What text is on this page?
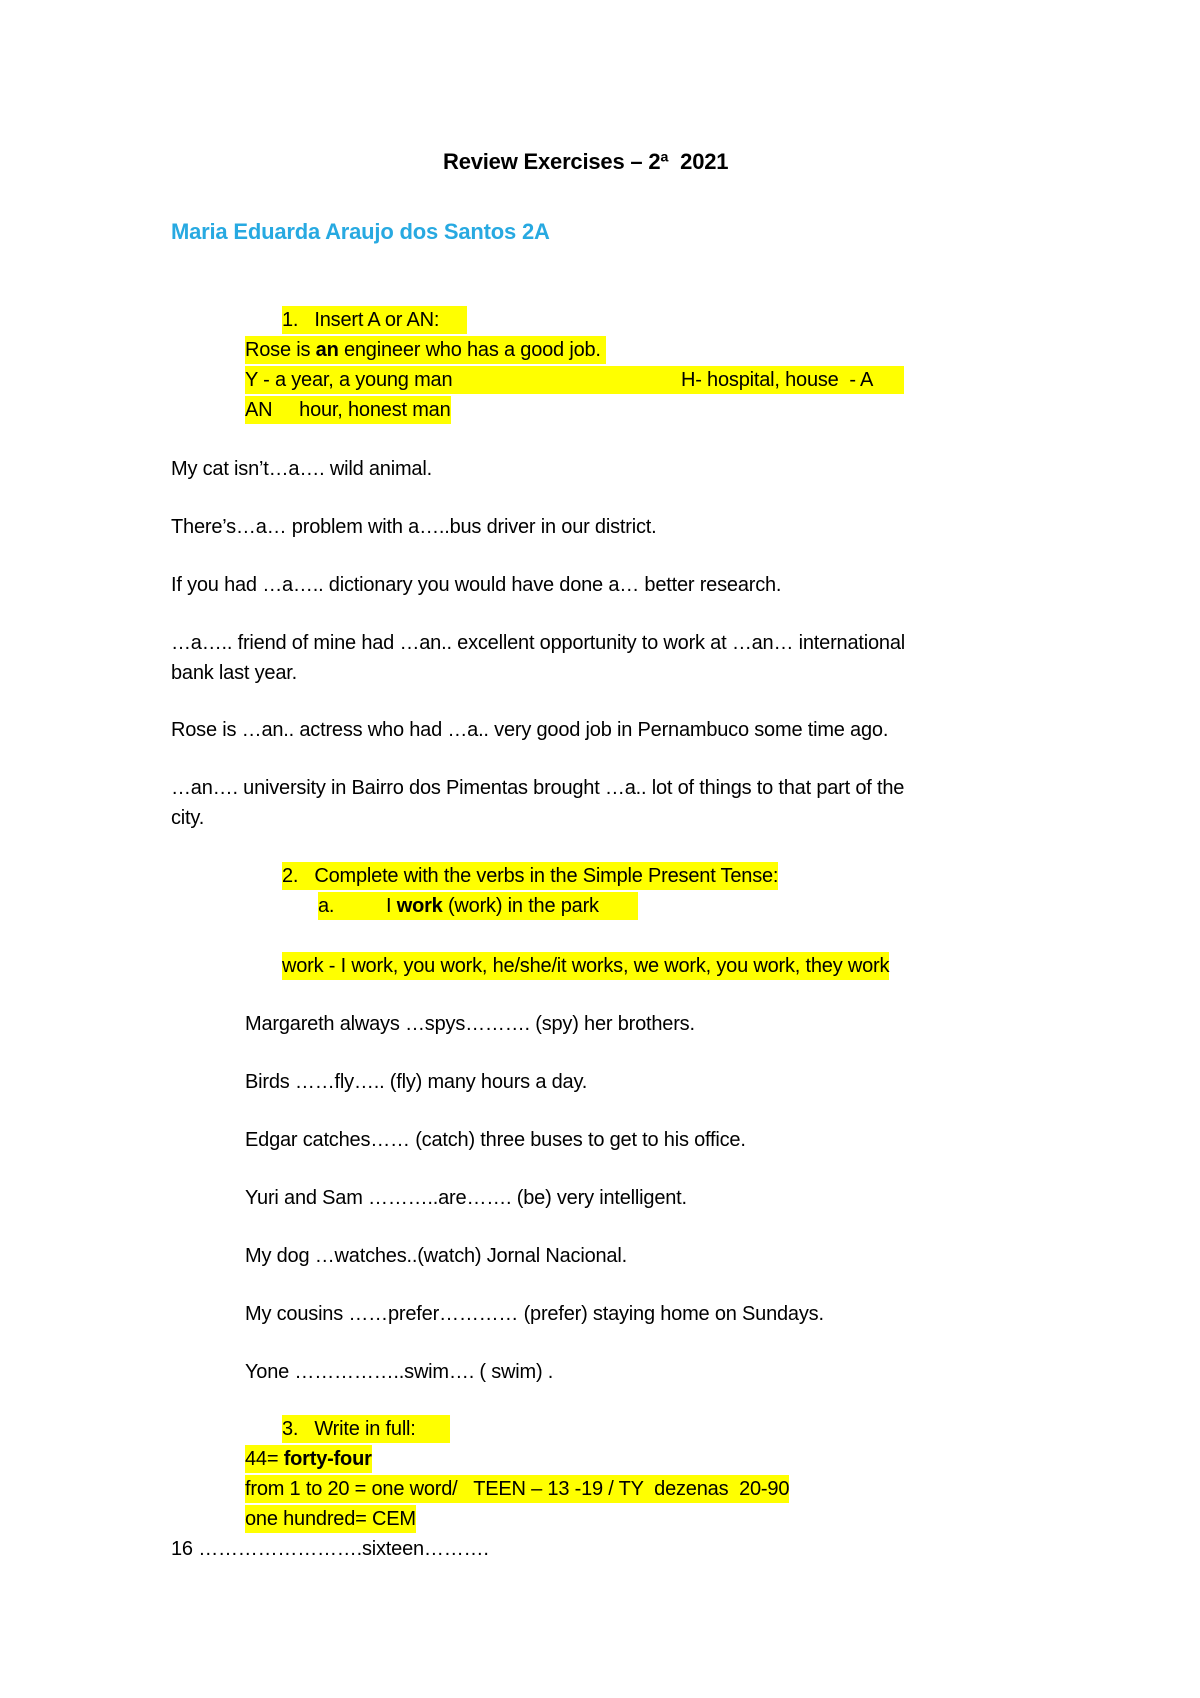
Review Exercises – 2ª  2021
Maria Eduarda Araujo dos Santos 2A
1. Insert A or AN:
Rose is an engineer who has a good job.
Y - a year, a young man	H- hospital, house  - A
AN     hour, honest man
My cat isn’t…a…. wild animal.
There’s…a… problem with a…..bus driver in our district.
If you had …a….. dictionary you would have done a… better research.
…a….. friend of mine had …an.. excellent opportunity to work at …an… international
bank last year.
Rose is …an.. actress who had …a.. very good job in Pernambuco some time ago.
…an…. university in Bairro dos Pimentas brought …a.. lot of things to that part of the
city.
2. Complete with the verbs in the Simple Present Tense:
a.	I work (work) in the park
work - I work, you work, he/she/it works, we work, you work, they work
Margareth always …spys………. (spy) her brothers.
Birds ……fly….. (fly) many hours a day.
Edgar catches…… (catch) three buses to get to his office.
Yuri and Sam ………..are……. (be) very intelligent.
My dog …watches..(watch) Jornal Nacional.
My cousins ……prefer………… (prefer) staying home on Sundays.
Yone ……………..swim…. ( swim) .
3. Write in full:
44= forty-four
from 1 to 20 = one word/   TEEN – 13 -19 / TY  dezenas  20-90
one hundred= CEM
16 …………………….sixteen……….
